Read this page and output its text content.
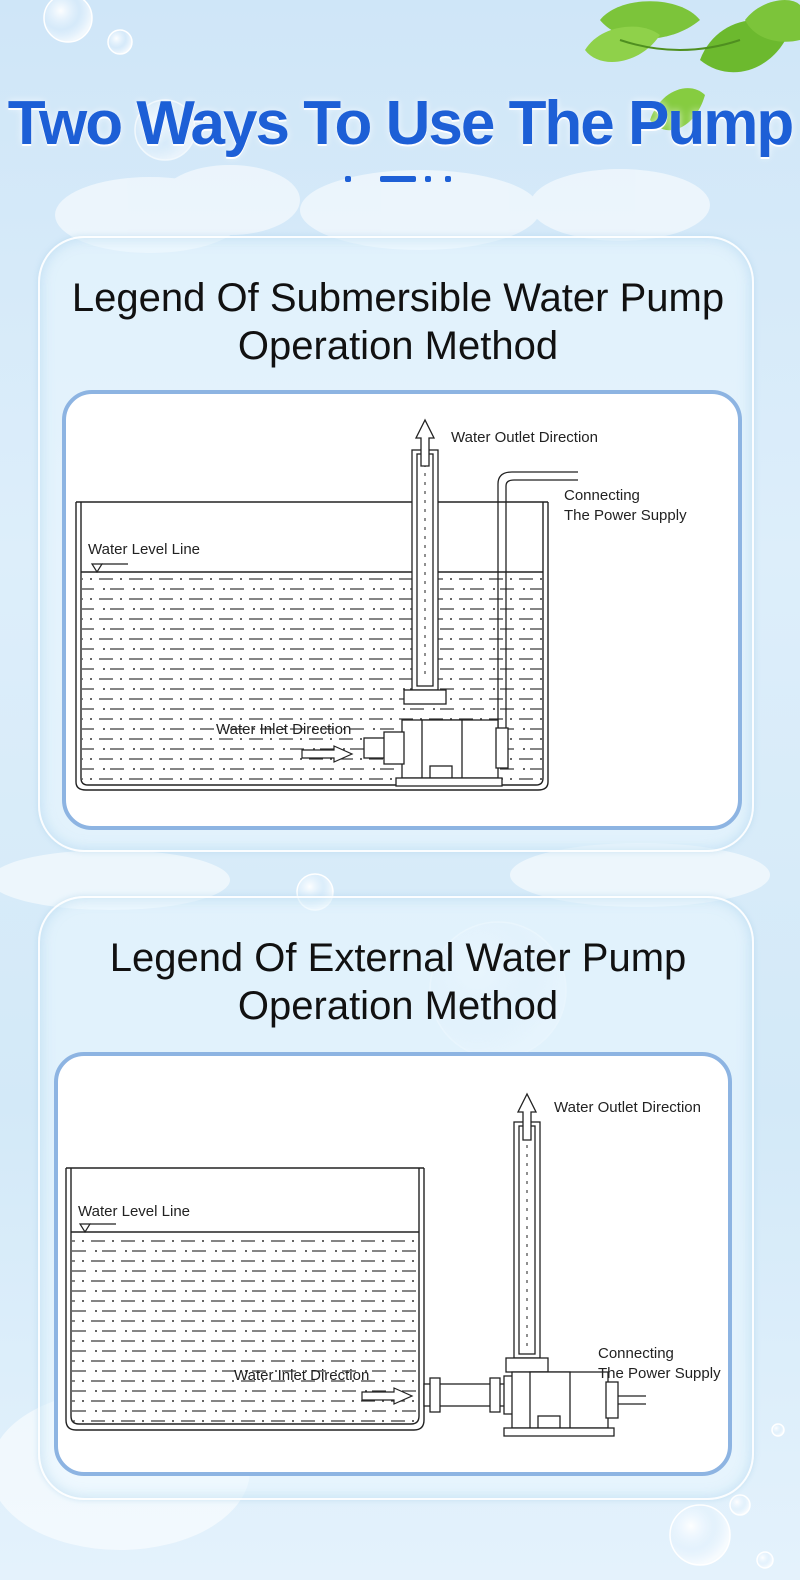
Two Ways To Use The Pump
Legend Of Submersible Water Pump
Operation Method
Water Level Line
Water Outlet Direction
Connecting
The Power Supply
Water Inlet Direction
Legend Of External Water Pump
Operation Method
Water Level Line
Water Inlet Direction
Water Outlet Direction
Connecting
The Power Supply
